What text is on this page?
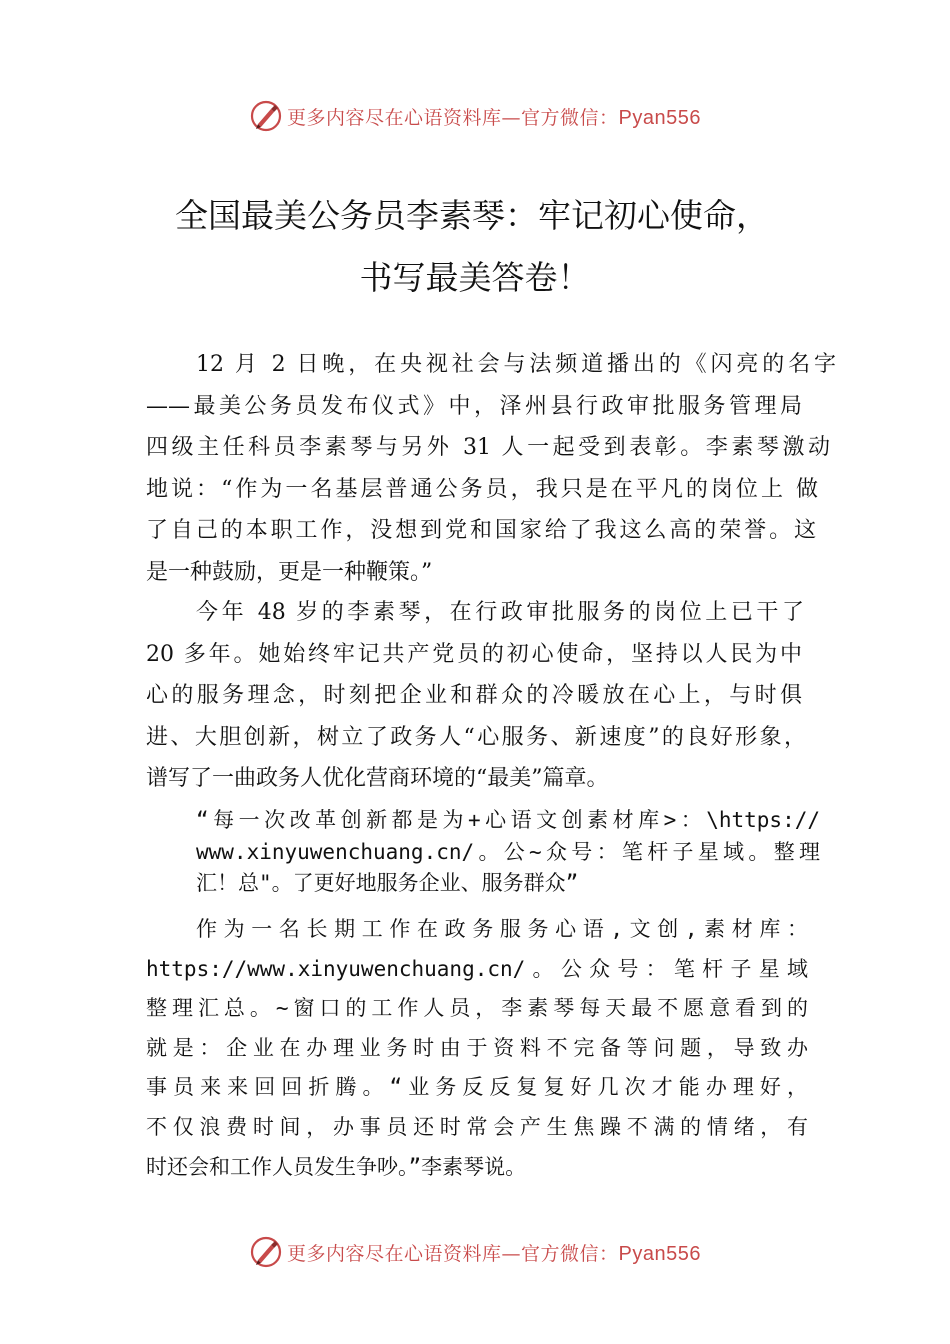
更多内容尽在心语资料库—官方微信：Pyan556
全国最美公务员李素琴：牢记初心使命，
书写最美答卷！
12 月 2 日晚，在央视社会与法频道播出的《闪亮的名字
——最美公务员发布仪式》中，泽州县行政审批服务管理局
四级主任科员李素琴与另外 31 人一起受到表彰。李素琴激动
地说：“作为一名基层普通公务员，我只是在平凡的岗位上 做
了自己的本职工作，没想到党和国家给了我这么高的荣誉。这
是一种鼓励，更是一种鞭策。”
今年 48 岁的李素琴，在行政审批服务的岗位上已干了
20 多年。她始终牢记共产党员的初心使命，坚持以人民为中
心的服务理念，时刻把企业和群众的冷暖放在心上，与时俱
进、大胆创新，树立了政务人“心服务、新速度”的良好形象，
谱写了一曲政务人优化营商环境的“最美”篇章。
“每一次改革创新都是为+心语文创素材库>：\https://
www.xinyuwenchuang.cn/。公~众号：笔杆子星域。整理
汇！总"。了更好地服务企业、服务群众”
作为一名长期工作在政务服务心语,文创,素材库：
https://www.xinyuwenchuang.cn/。公众号：笔杆子星域
整理汇总。~窗口的工作人员，李素琴每天最不愿意看到的
就是：企业在办理业务时由于资料不完备等问题，导致办
事员来来回回折腾。“业务反反复复好几次才能办理好，
不仅浪费时间，办事员还时常会产生焦躁不满的情绪，有
时还会和工作人员发生争吵。”李素琴说。
更多内容尽在心语资料库—官方微信：Pyan556
